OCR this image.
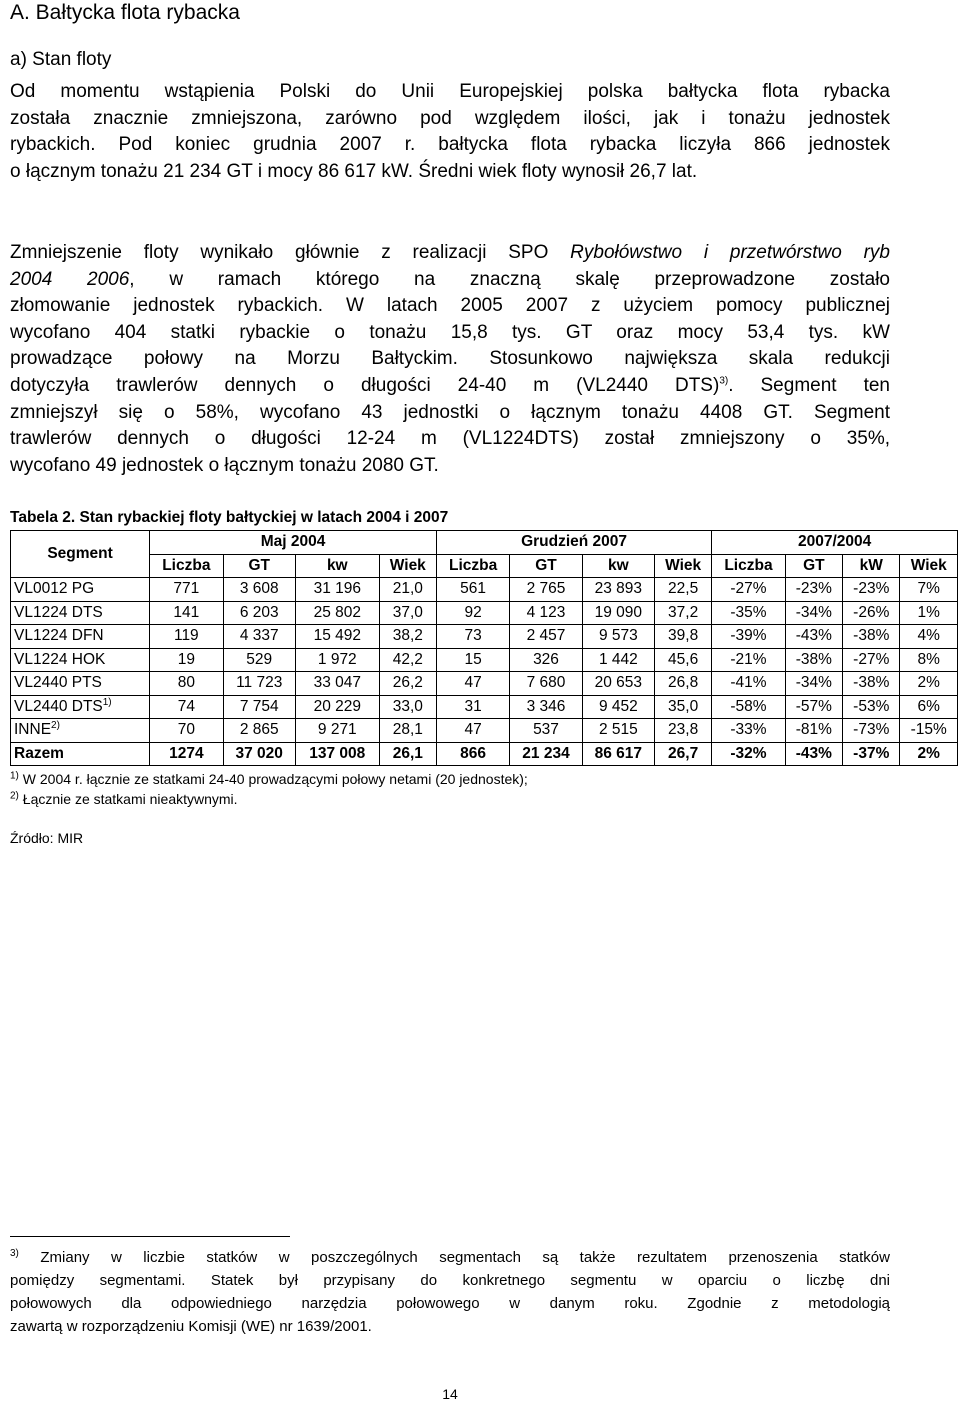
A. Bałtycka flota rybacka
a) Stan floty
Od momentu wstąpienia Polski do Unii Europejskiej polska bałtycka flota rybacka
została znacznie zmniejszona, zarówno pod względem ilości, jak i tonażu jednostek
rybackich. Pod koniec grudnia 2007 r. bałtycka flota rybacka liczyła 866 jednostek
o łącznym tonażu 21 234 GT i mocy 86 617 kW. Średni wiek floty wynosił 26,7 lat.
Zmniejszenie floty wynikało głównie z realizacji SPO Rybołówstwo i przetwórstwo ryb
2004 2006, w ramach którego na znaczną skalę przeprowadzone zostało
złomowanie jednostek rybackich. W latach 2005 2007 z użyciem pomocy publicznej
wycofano 404 statki rybackie o tonażu 15,8 tys. GT oraz mocy 53,4 tys. kW
prowadzące połowy na Morzu Bałtyckim. Stosunkowo największa skala redukcji
dotyczyła trawlerów dennych o długości 24-40 m (VL2440 DTS)$^{3)}$. Segment ten
zmniejszył się o 58%, wycofano 43 jednostki o łącznym tonażu 4408 GT. Segment
trawlerów dennych o długości 12-24 m (VL1224DTS) został zmniejszony o 35%,
wycofano 49 jednostek o łącznym tonażu 2080 GT.
Tabela 2. Stan rybackiej floty bałtyckiej w latach 2004 i 2007
Segment	Maj 2004				Grudzień 2007				2007/2004			
	Liczba	GT	kw	Wiek	Liczba	GT	kw	Wiek	Liczba	GT	kW	Wiek
VL0012 PG	771	3 608	31 196	21,0	561	2 765	23 893	22,5	-27%	-23%	-23%	7%
VL1224 DTS	141	6 203	25 802	37,0	92	4 123	19 090	37,2	-35%	-34%	-26%	1%
VL1224 DFN	119	4 337	15 492	38,2	73	2 457	9 573	39,8	-39%	-43%	-38%	4%
VL1224 HOK	19	529	1 972	42,2	15	326	1 442	45,6	-21%	-38%	-27%	8%
VL2440 PTS	80	11 723	33 047	26,2	47	7 680	20 653	26,8	-41%	-34%	-38%	2%
VL2440 DTS$^{1)}$	74	7 754	20 229	33,0	31	3 346	9 452	35,0	-58%	-57%	-53%	6%
INNE$^{2)}$	70	2 865	9 271	28,1	47	537	2 515	23,8	-33%	-81%	-73%	-15%
Razem	1274	37 020	137 008	26,1	866	21 234	86 617	26,7	-32%	-43%	-37%	2%
$^{1)}$ W 2004 r. łącznie ze statkami 24-40 prowadzącymi połowy netami (20 jednostek);
$^{2)}$ Łącznie ze statkami nieaktywnymi.
Źródło: MIR
$^{3)}$ Zmiany w liczbie statków w poszczególnych segmentach są także rezultatem przenoszenia statków
pomiędzy segmentami. Statek był przypisany do konkretnego segmentu w oparciu o liczbę dni
połowowych dla odpowiedniego narzędzia połowowego w danym roku. Zgodnie z metodologią
zawartą w rozporządzeniu Komisji (WE) nr 1639/2001.
14
